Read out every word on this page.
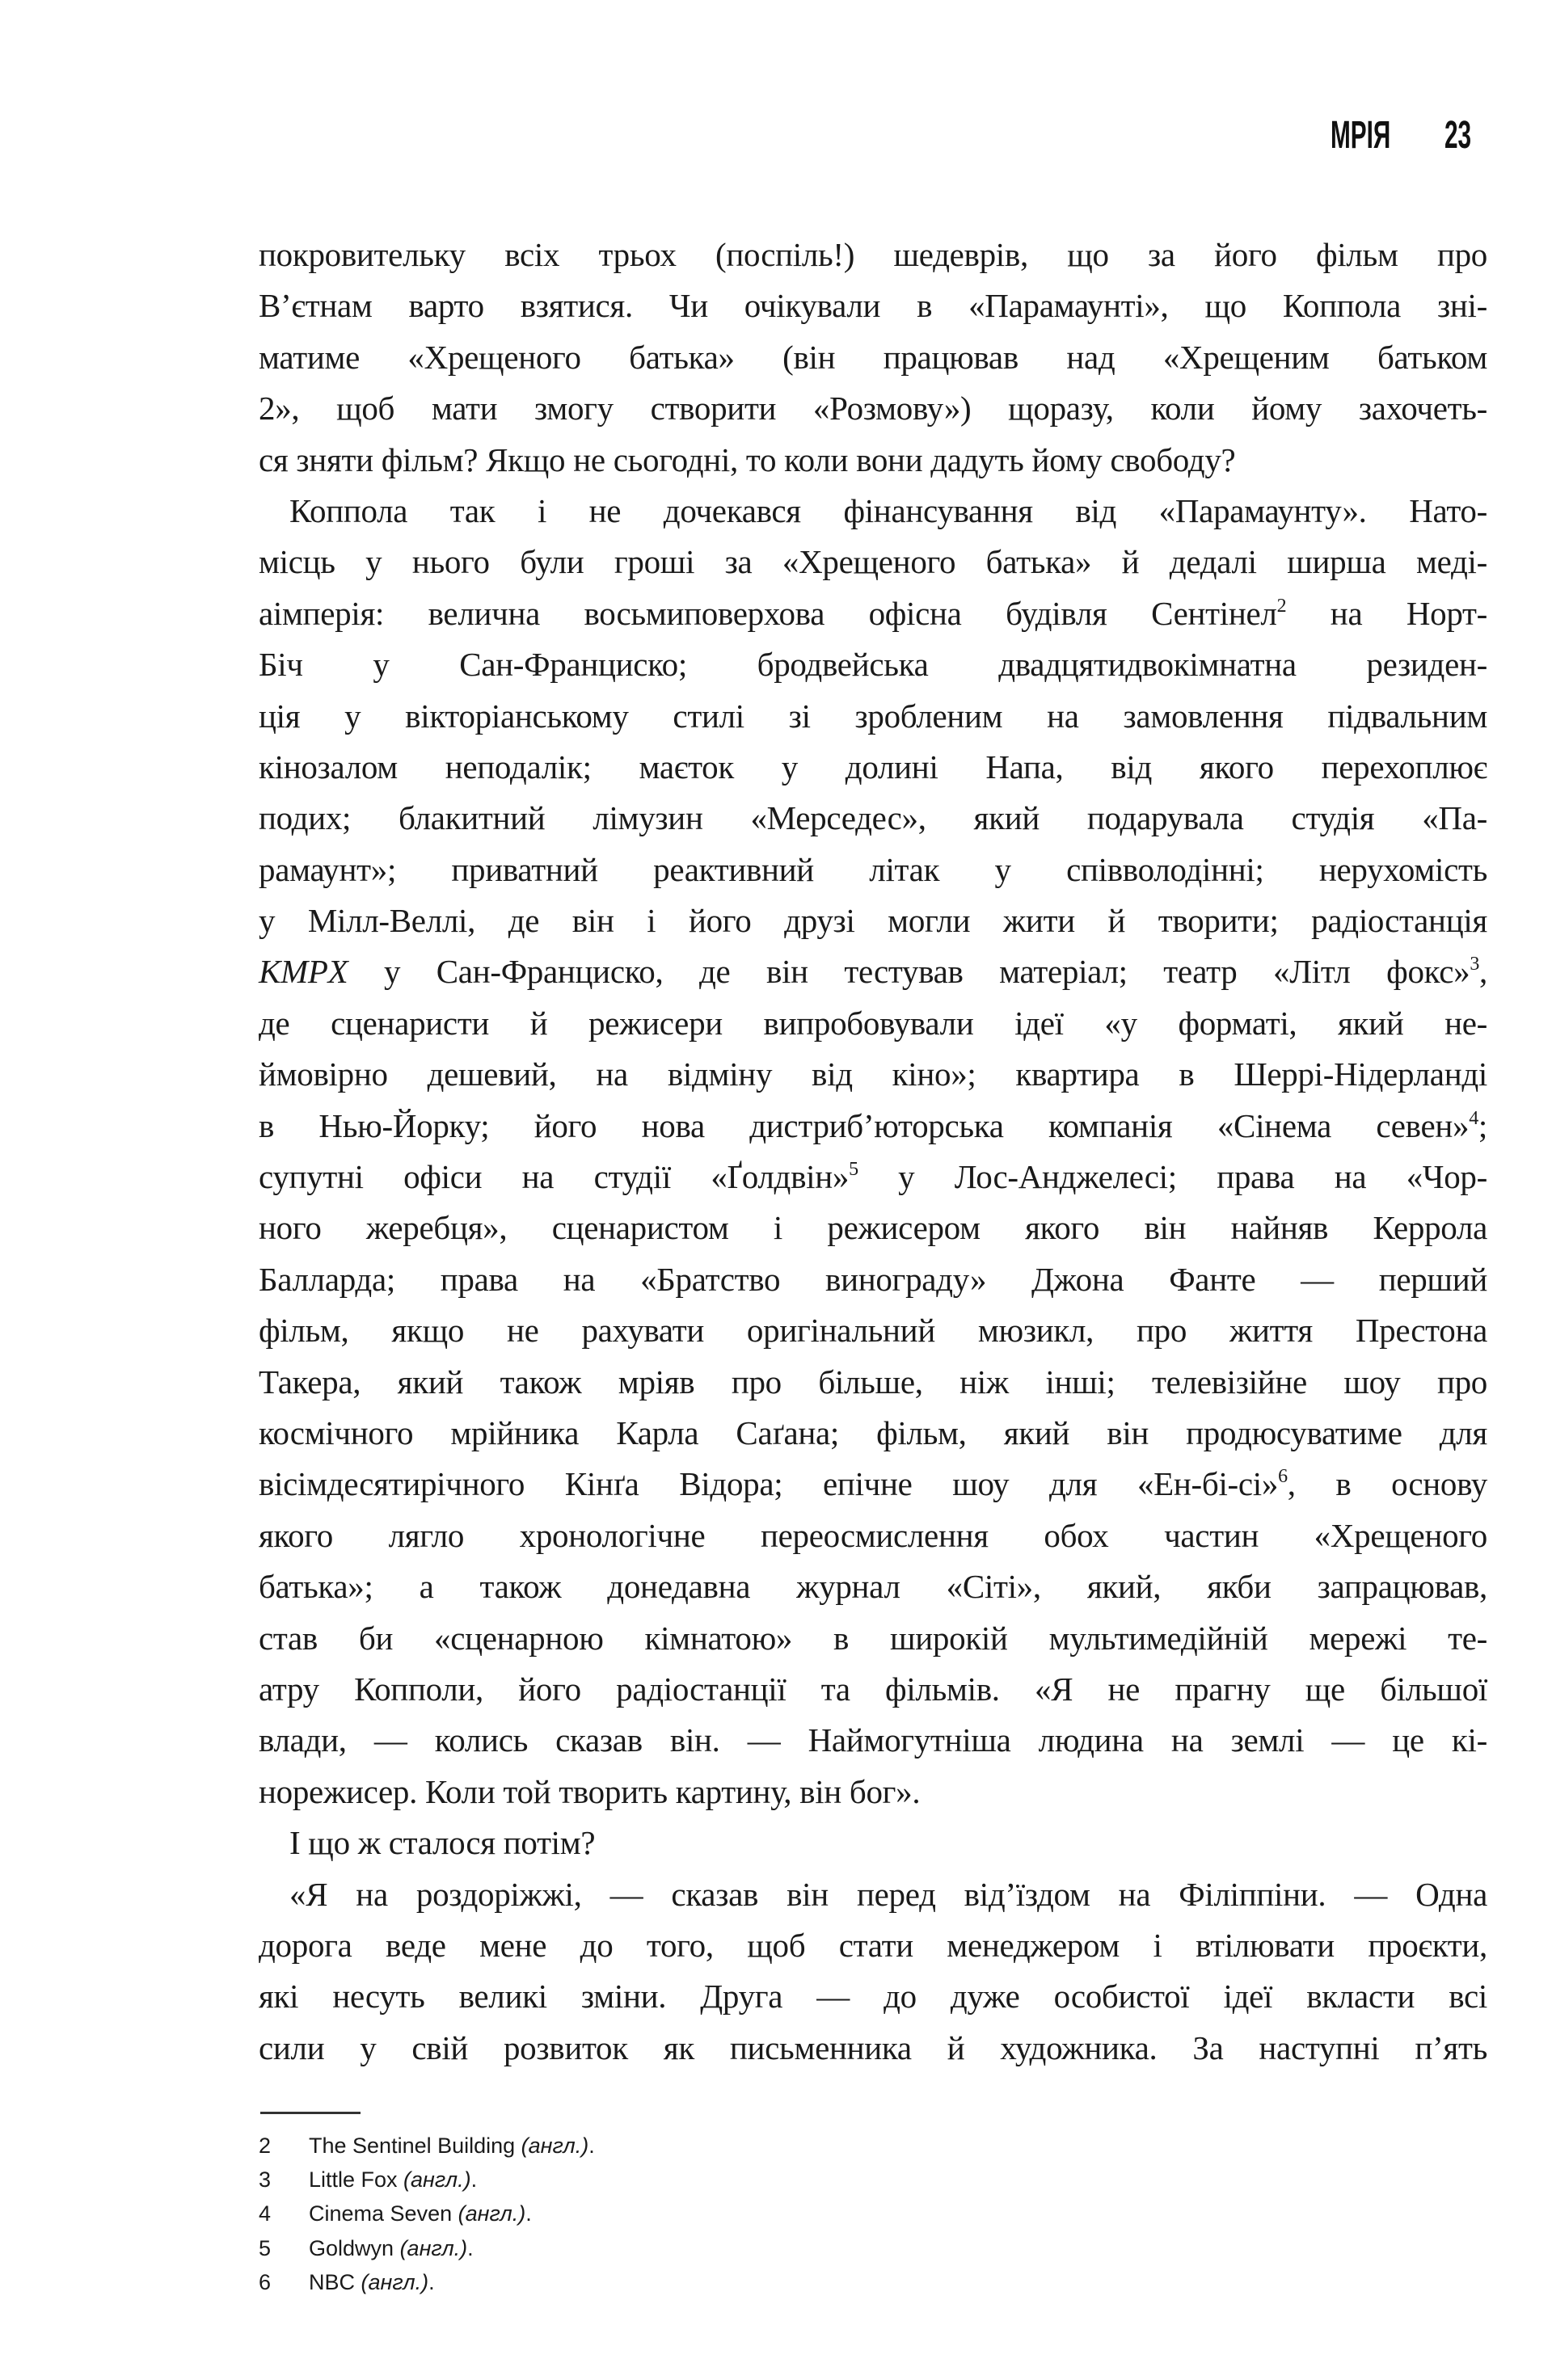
МРІЯ 23
покровительку всіх трьох (поспіль!) шедеврів, що за його фільм про
В’єтнам варто взятися. Чи очікували в «Парамаунті», що Коппола зні-
матиме «Хрещеного батька» (він працював над «Хрещеним батьком
2», щоб мати змогу створити «Розмову») щоразу, коли йому захочеть-
ся зняти фільм? Якщо не сьогодні, то коли вони дадуть йому свободу?
Коппола так і не дочекався фінансування від «Парамаунту». Нато-
місць у нього були гроші за «Хрещеного батька» й дедалі ширша меді-
аімперія: велична восьмиповерхова офісна будівля Сентінел$^2$ на Норт-
Біч у Сан-Франциско; бродвейська двадцятидвокімнатна резиден-
ція у вікторіанському стилі зі зробленим на замовлення підвальним
кінозалом неподалік; маєток у долині Напа, від якого перехоплює
подих; блакитний лімузин «Мерседес», який подарувала студія «Па-
рамаунт»; приватний реактивний літак у співволодінні; нерухомість
у Мілл-Веллі, де він і його друзі могли жити й творити; радіостанція
KMPX у Сан-Франциско, де він тестував матеріал; театр «Літл фокс»$^3$,
де сценаристи й режисери випробовували ідеї «у форматі, який не-
ймовірно дешевий, на відміну від кіно»; квартира в Шеррі-Нідерланді
в Нью-Йорку; його нова дистриб’юторська компанія «Сінема севен»$^4$;
супутні офіси на студії «Ґолдвін»$^5$ у Лос-Анджелесі; права на «Чор-
ного жеребця», сценаристом і режисером якого він найняв Керрола
Балларда; права на «Братство винограду» Джона Фанте — перший
фільм, якщо не рахувати оригінальний мюзикл, про життя Престона
Такера, який також мріяв про більше, ніж інші; телевізійне шоу про
космічного мрійника Карла Саґана; фільм, який він продюсуватиме для
вісімдесятирічного Кінґа Відора; епічне шоу для «Ен-бі-сі»$^6$, в основу
якого лягло хронологічне переосмислення обох частин «Хрещеного
батька»; а також донедавна журнал «Сіті», який, якби запрацював,
став би «сценарною кімнатою» в широкій мультимедійній мережі те-
атру Копполи, його радіостанції та фільмів. «Я не прагну ще більшої
влади, — колись сказав він. — Наймогутніша людина на землі — це кі-
норежисер. Коли той творить картину, він бог».
І що ж сталося потім?
«Я на роздоріжжі, — сказав він перед від’їздом на Філіппіни. — Одна
дорога веде мене до того, щоб стати менеджером і втілювати проєкти,
які несуть великі зміни. Друга — до дуже особистої ідеї вкласти всі
сили у свій розвиток як письменника й художника. За наступні п’ять
2 The Sentinel Building (англ.).
3 Little Fox (англ.).
4 Cinema Seven (англ.).
5 Goldwyn (англ.).
6 NBC (англ.).
